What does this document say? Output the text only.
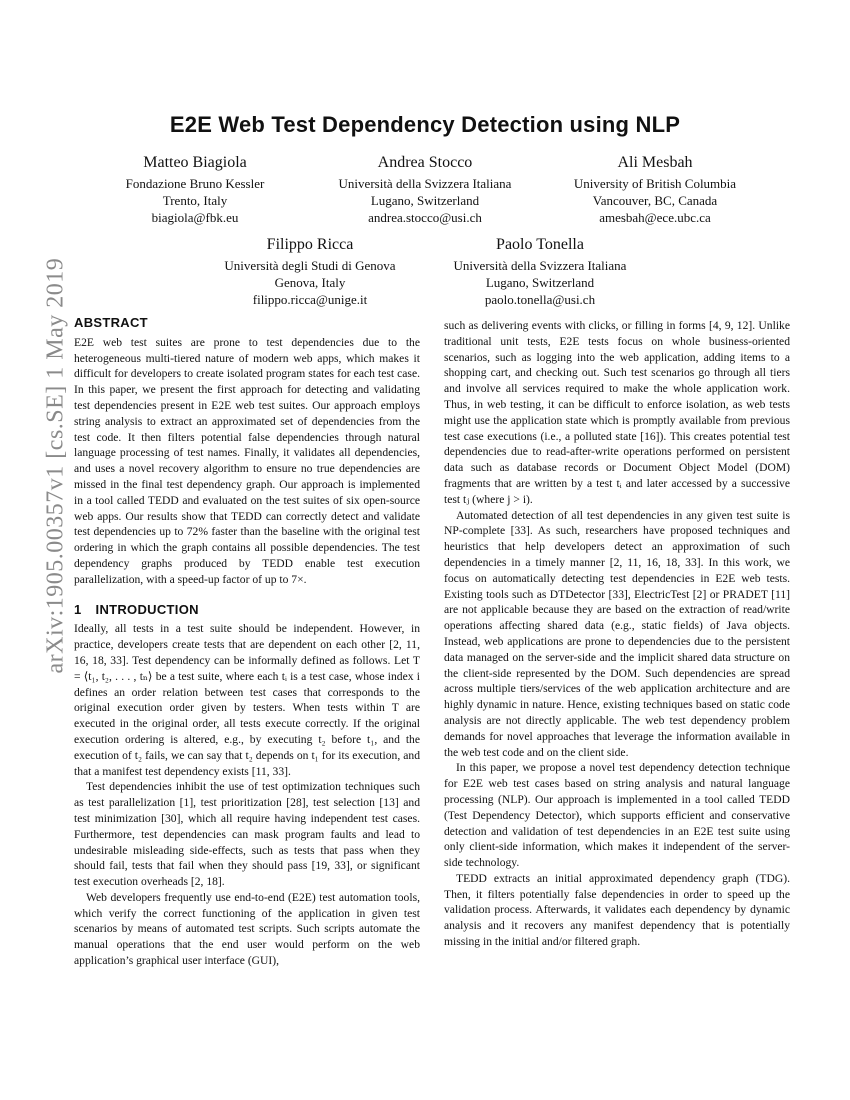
arXiv:1905.00357v1 [cs.SE] 1 May 2019
E2E Web Test Dependency Detection using NLP
Matteo Biagiola
Fondazione Bruno Kessler
Trento, Italy
biagiola@fbk.eu
Andrea Stocco
Università della Svizzera Italiana
Lugano, Switzerland
andrea.stocco@usi.ch
Ali Mesbah
University of British Columbia
Vancouver, BC, Canada
amesbah@ece.ubc.ca
Filippo Ricca
Università degli Studi di Genova
Genova, Italy
filippo.ricca@unige.it
Paolo Tonella
Università della Svizzera Italiana
Lugano, Switzerland
paolo.tonella@usi.ch
ABSTRACT

E2E web test suites are prone to test dependencies due to the heterogeneous multi-tiered nature of modern web apps, which makes it difficult for developers to create isolated program states for each test case. In this paper, we present the first approach for detecting and validating test dependencies present in E2E web test suites. Our approach employs string analysis to extract an approximated set of dependencies from the test code. It then filters potential false dependencies through natural language processing of test names. Finally, it validates all dependencies, and uses a novel recovery algorithm to ensure no true dependencies are missed in the final test dependency graph. Our approach is implemented in a tool called TEDD and evaluated on the test suites of six open-source web apps. Our results show that TEDD can correctly detect and validate test dependencies up to 72% faster than the baseline with the original test ordering in which the graph contains all possible dependencies. The test dependency graphs produced by TEDD enable test execution parallelization, with a speed-up factor of up to 7×.

1 INTRODUCTION

Ideally, all tests in a test suite should be independent. However, in practice, developers create tests that are dependent on each other [2, 11, 16, 18, 33]. Test dependency can be informally defined as follows. Let T = ⟨t₁, t₂, . . . , tₙ⟩ be a test suite, where each tᵢ is a test case, whose index i defines an order relation between test cases that corresponds to the original execution order given by testers. When tests within T are executed in the original order, all tests execute correctly. If the original execution ordering is altered, e.g., by executing t₂ before t₁, and the execution of t₂ fails, we can say that t₂ depends on t₁ for its execution, and that a manifest test dependency exists [11, 33].

Test dependencies inhibit the use of test optimization techniques such as test parallelization [1], test prioritization [28], test selection [13] and test minimization [30], which all require having independent test cases. Furthermore, test dependencies can mask program faults and lead to undesirable misleading side-effects, such as tests that pass when they should fail, tests that fail when they should pass [19, 33], or significant test execution overheads [2, 18].

Web developers frequently use end-to-end (E2E) test automation tools, which verify the correct functioning of the application in given test scenarios by means of automated test scripts. Such scripts automate the manual operations that the end user would perform on the web application’s graphical user interface (GUI),

such as delivering events with clicks, or filling in forms [4, 9, 12]. Unlike traditional unit tests, E2E tests focus on whole business-oriented scenarios, such as logging into the web application, adding items to a shopping cart, and checking out. Such test scenarios go through all tiers and involve all services required to make the whole application work. Thus, in web testing, it can be difficult to enforce isolation, as web tests might use the application state which is promptly available from previous test case executions (i.e., a polluted state [16]). This creates potential test dependencies due to read-after-write operations performed on persistent data such as database records or Document Object Model (DOM) fragments that are written by a test tᵢ and later accessed by a successive test tⱼ (where j > i).

Automated detection of all test dependencies in any given test suite is NP-complete [33]. As such, researchers have proposed techniques and heuristics that help developers detect an approximation of such dependencies in a timely manner [2, 11, 16, 18, 33]. In this work, we focus on automatically detecting test dependencies in E2E web tests. Existing tools such as DTDetector [33], ElectricTest [2] or PRADET [11] are not applicable because they are based on the extraction of read/write operations affecting shared data (e.g., static fields) of Java objects. Instead, web applications are prone to dependencies due to the persistent data managed on the server-side and the implicit shared data structure on the client-side represented by the DOM. Such dependencies are spread across multiple tiers/services of the web application architecture and are highly dynamic in nature. Hence, existing techniques based on static code analysis are not directly applicable. The web test dependency problem demands for novel approaches that leverage the information available in the web test code and on the client side.

In this paper, we propose a novel test dependency detection technique for E2E web test cases based on string analysis and natural language processing (NLP). Our approach is implemented in a tool called TEDD (Test Dependency Detector), which supports efficient and conservative detection and validation of test dependencies in an E2E test suite using only client-side information, which makes it independent of the server-side technology.

TEDD extracts an initial approximated dependency graph (TDG). Then, it filters potentially false dependencies in order to speed up the validation process. Afterwards, it validates each dependency by dynamic analysis and it recovers any manifest dependency that is potentially missing in the initial and/or filtered graph.
